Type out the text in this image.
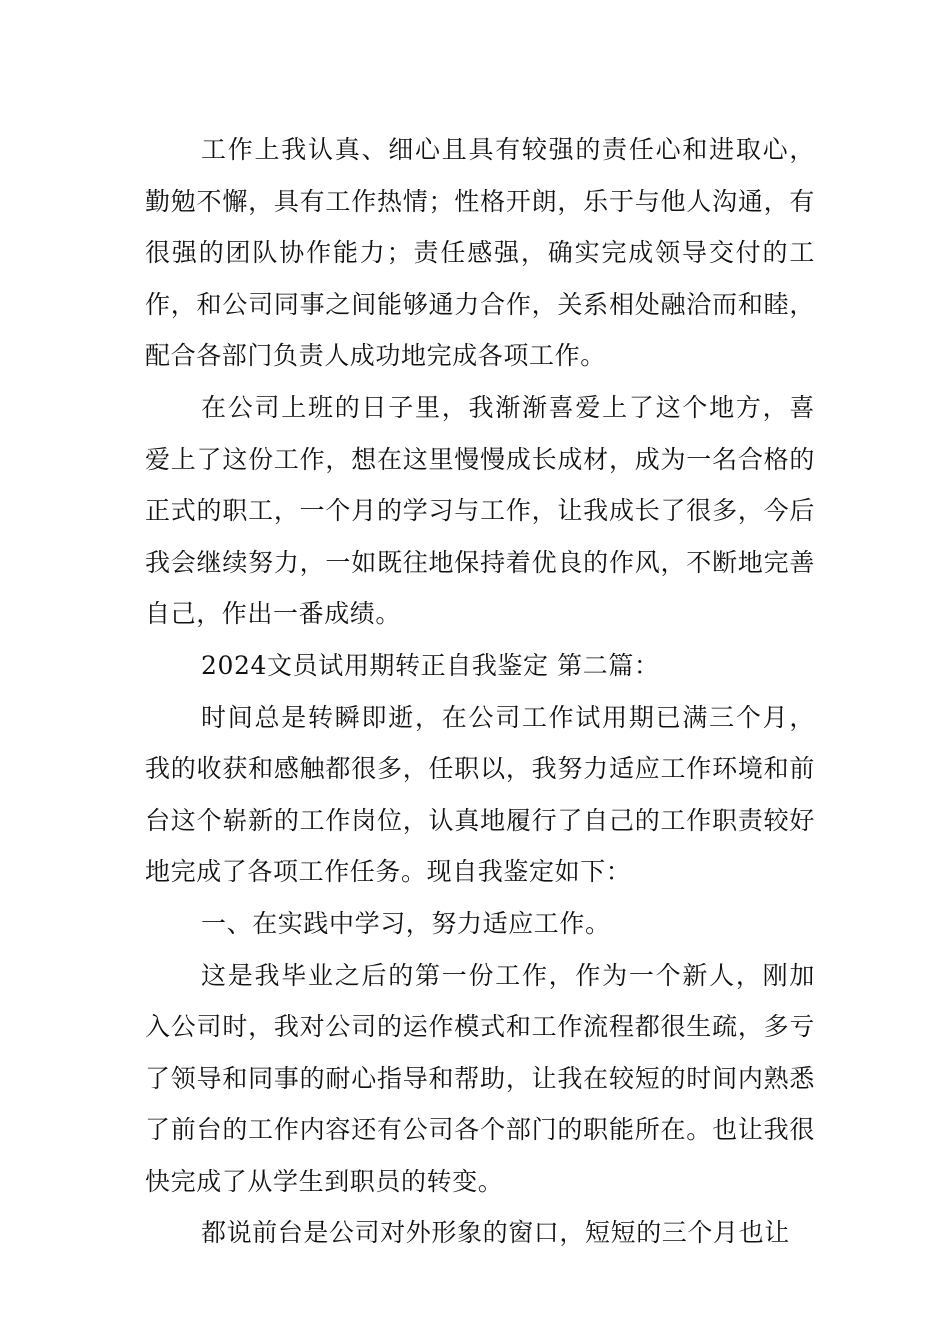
工作上我认真、细心且具有较强的责任心和进取心，勤勉不懈，具有工作热情；性格开朗，乐于与他人沟通，有很强的团队协作能力；责任感强，确实完成领导交付的工作，和公司同事之间能够通力合作，关系相处融洽而和睦，配合各部门负责人成功地完成各项工作。

在公司上班的日子里，我渐渐喜爱上了这个地方，喜爱上了这份工作，想在这里慢慢成长成材，成为一名合格的正式的职工，一个月的学习与工作，让我成长了很多，今后我会继续努力，一如既往地保持着优良的作风，不断地完善自己，作出一番成绩。

2024文员试用期转正自我鉴定 第二篇：

时间总是转瞬即逝，在公司工作试用期已满三个月，我的收获和感触都很多，任职以，我努力适应工作环境和前台这个崭新的工作岗位，认真地履行了自己的工作职责较好地完成了各项工作任务。现自我鉴定如下：

一、在实践中学习，努力适应工作。

这是我毕业之后的第一份工作，作为一个新人，刚加入公司时，我对公司的运作模式和工作流程都很生疏，多亏了领导和同事的耐心指导和帮助，让我在较短的时间内熟悉了前台的工作内容还有公司各个部门的职能所在。也让我很快完成了从学生到职员的转变。

都说前台是公司对外形象的窗口，短短的三个月也让
